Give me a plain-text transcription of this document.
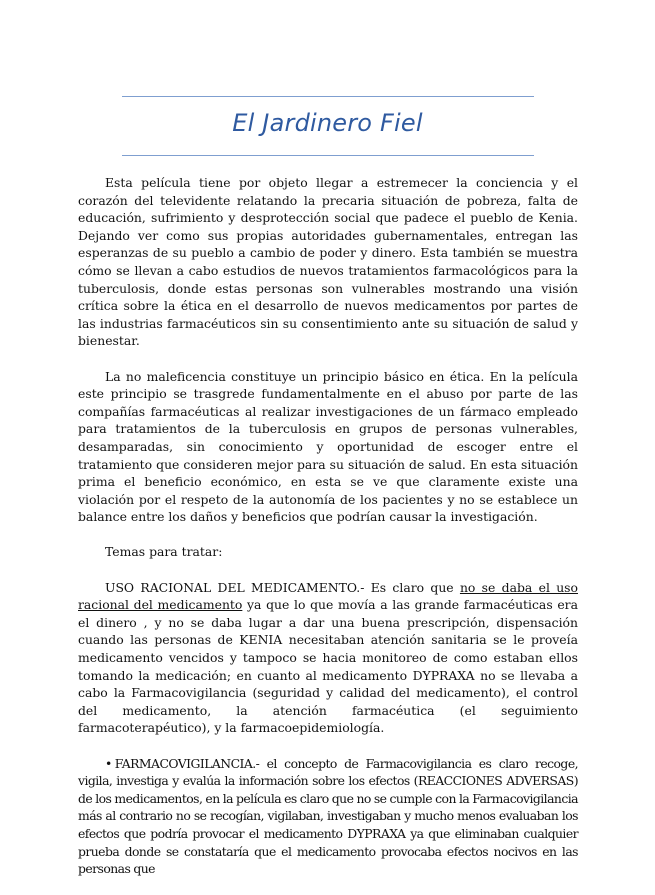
El Jardinero Fiel

Esta película tiene por objeto llegar a estremecer la conciencia y el corazón del televidente relatando la precaria situación de pobreza, falta de educación, sufrimiento y desprotección social que padece el pueblo de Kenia. Dejando ver como sus propias autoridades gubernamentales, entregan las esperanzas de su pueblo a cambio de poder y dinero. Esta también se muestra cómo se llevan a cabo estudios de nuevos tratamientos farmacológicos para la tuberculosis, donde estas personas son vulnerables mostrando una visión crítica sobre la ética en el desarrollo de nuevos medicamentos por partes de las industrias farmacéuticos sin su consentimiento ante su situación de salud y bienestar.

La no maleficencia constituye un principio básico en ética. En la película este principio se trasgrede fundamentalmente en el abuso por parte de las compañías farmacéuticas al realizar investigaciones de un fármaco empleado para tratamientos de la tuberculosis en grupos de personas vulnerables, desamparadas, sin conocimiento y oportunidad de escoger entre el tratamiento que consideren mejor para su situación de salud. En esta situación prima el beneficio económico, en esta se ve que claramente existe una violación por el respeto de la autonomía de los pacientes y no se establece un balance entre los daños y beneficios que podrían causar la investigación.

Temas para tratar:

USO RACIONAL DEL MEDICAMENTO.- Es claro que no se daba el uso racional del medicamento ya que lo que movía a las grande farmacéuticas era el dinero , y no se daba lugar a dar una buena prescripción, dispensación cuando las personas de KENIA necesitaban atención sanitaria se le proveía medicamento vencidos y tampoco se hacia monitoreo de como estaban ellos tomando la medicación; en cuanto al medicamento DYPRAXA no se llevaba a cabo la Farmacovigilancia (seguridad y calidad del medicamento), el control del medicamento, la atención farmacéutica (el seguimiento farmacoterapéutico), y la farmacoepidemiología.

• FARMACOVIGILANCIA.- el concepto de Farmacovigilancia es claro recoge, vigila, investiga y evalúa la información sobre los efectos (REACCIONES ADVERSAS) de los medicamentos, en la película es claro que no se cumple con la Farmacovigilancia más al contrario no se recogían, vigilaban, investigaban y mucho menos evaluaban los efectos que podría provocar el medicamento DYPRAXA ya que eliminaban cualquier prueba donde se constataría que el medicamento provocaba efectos nocivos en las personas que
